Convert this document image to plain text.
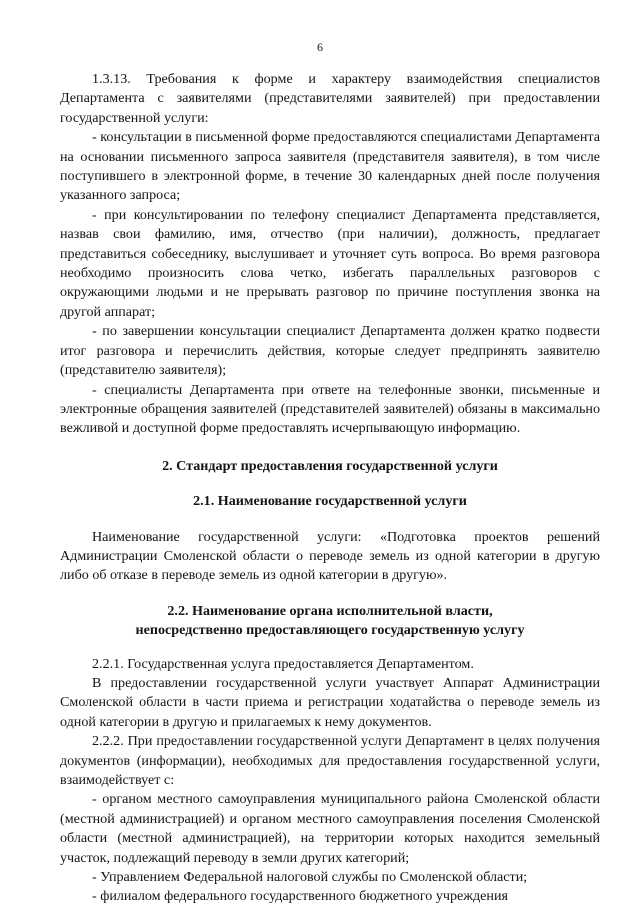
6

1.3.13. Требования к форме и характеру взаимодействия специалистов Департамента с заявителями (представителями заявителей) при предоставлении государственной услуги:

- консультации в письменной форме предоставляются специалистами Департамента на основании письменного запроса заявителя (представителя заявителя), в том числе поступившего в электронной форме, в течение 30 календарных дней после получения указанного запроса;

- при консультировании по телефону специалист Департамента представляется, назвав свои фамилию, имя, отчество (при наличии), должность, предлагает представиться собеседнику, выслушивает и уточняет суть вопроса. Во время разговора необходимо произносить слова четко, избегать параллельных разговоров с окружающими людьми и не прерывать разговор по причине поступления звонка на другой аппарат;

- по завершении консультации специалист Департамента должен кратко подвести итог разговора и перечислить действия, которые следует предпринять заявителю (представителю заявителя);

- специалисты Департамента при ответе на телефонные звонки, письменные и электронные обращения заявителей (представителей заявителей) обязаны в максимально вежливой и доступной форме предоставлять исчерпывающую информацию.

2. Стандарт предоставления государственной услуги

2.1. Наименование государственной услуги

Наименование государственной услуги: «Подготовка проектов решений Администрации Смоленской области о переводе земель из одной категории в другую либо об отказе в переводе земель из одной категории в другую».

2.2. Наименование органа исполнительной власти,

непосредственно предоставляющего государственную услугу

2.2.1. Государственная услуга предоставляется Департаментом.

В предоставлении государственной услуги участвует Аппарат Администрации Смоленской области в части приема и регистрации ходатайства о переводе земель из одной категории в другую и прилагаемых к нему документов.

2.2.2. При предоставлении государственной услуги Департамент в целях получения документов (информации), необходимых для предоставления государственной услуги, взаимодействует с:

- органом местного самоуправления муниципального района Смоленской области (местной администрацией) и органом местного самоуправления поселения Смоленской области (местной администрацией), на территории которых находится земельный участок, подлежащий переводу в земли других категорий;

- Управлением Федеральной налоговой службы по Смоленской области;

- филиалом федерального государственного бюджетного учреждения
